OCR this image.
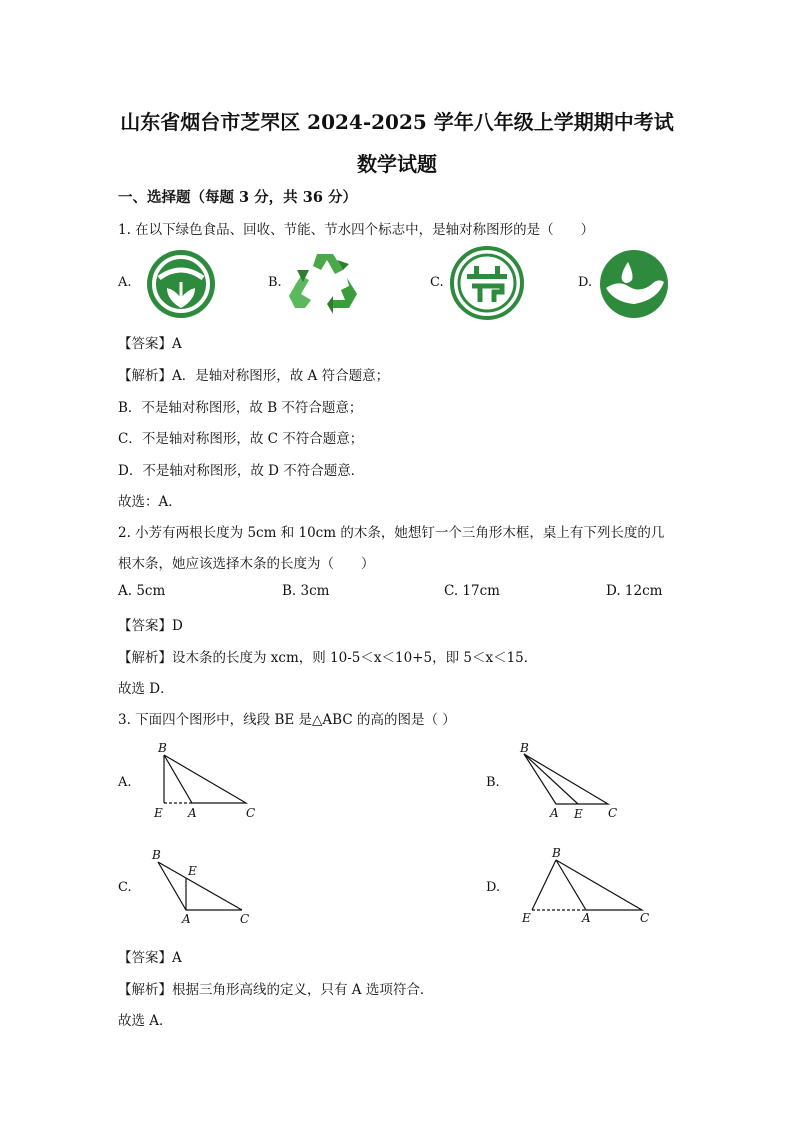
山东省烟台市芝罘区 2024-2025 学年八年级上学期期中考试
数学试题
一、选择题（每题 3 分，共 36 分）
1. 在以下绿色食品、回收、节能、节水四个标志中，是轴对称图形的是（　　）
A.	B.	C.	D.
【答案】A
【解析】A．是轴对称图形，故 A 符合题意；
B．不是轴对称图形，故 B 不符合题意；
C．不是轴对称图形，故 C 不符合题意；
D．不是轴对称图形，故 D 不符合题意．
故选：A．
2. 小芳有两根长度为 5cm 和 10cm 的木条，她想钉一个三角形木框，桌上有下列长度的几
根木条，她应该选择木条的长度为（　　）
A. 5cm	B. 3cm	C. 17cm	D. 12cm
【答案】D
【解析】设木条的长度为 xcm，则 10-5＜x＜10+5，即 5＜x＜15．
故选 D．
3. 下面四个图形中，线段 BE 是△ABC 的高的图是（ ）
A.
B
E A	C
B.
B
A E C
C.
B
E
A	C
D.
B
E	A	C
【答案】A
【解析】根据三角形高线的定义，只有 A 选项符合．
故选 A．
